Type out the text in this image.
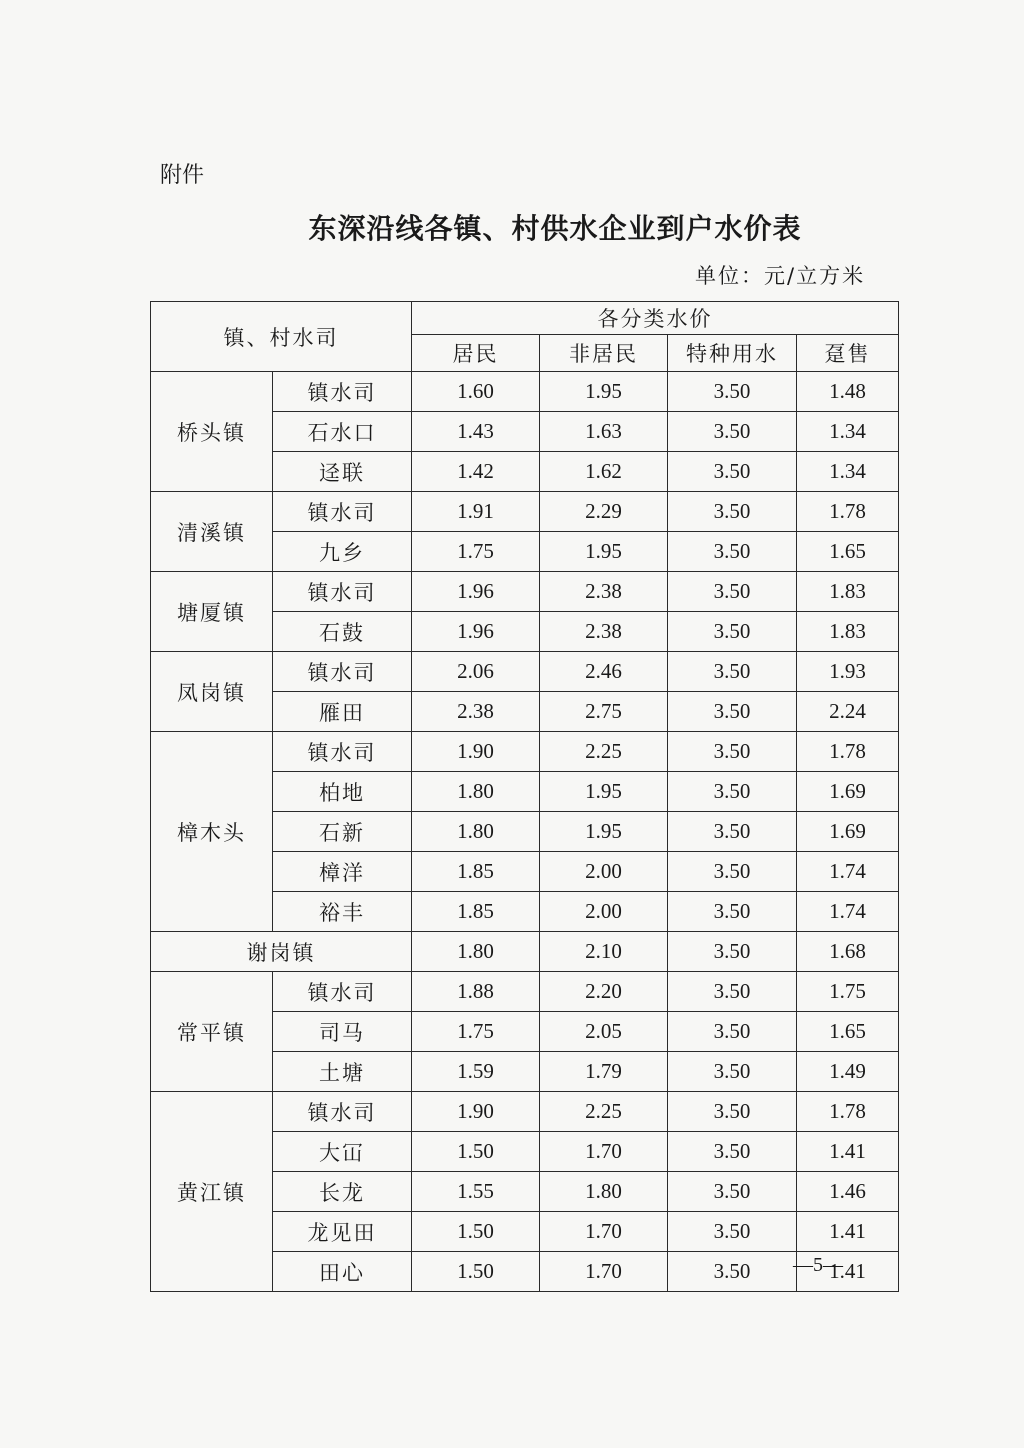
附件
东深沿线各镇、村供水企业到户水价表
单位：元/立方米
镇、村水司		各分类水价			
		居民	非居民	特种用水	趸售
桥头镇	镇水司	1.60	1.95	3.50	1.48
	石水口	1.43	1.63	3.50	1.34
	迳联	1.42	1.62	3.50	1.34
清溪镇	镇水司	1.91	2.29	3.50	1.78
	九乡	1.75	1.95	3.50	1.65
塘厦镇	镇水司	1.96	2.38	3.50	1.83
	石鼓	1.96	2.38	3.50	1.83
凤岗镇	镇水司	2.06	2.46	3.50	1.93
	雁田	2.38	2.75	3.50	2.24
樟木头	镇水司	1.90	2.25	3.50	1.78
	柏地	1.80	1.95	3.50	1.69
	石新	1.80	1.95	3.50	1.69
	樟洋	1.85	2.00	3.50	1.74
	裕丰	1.85	2.00	3.50	1.74
谢岗镇		1.80	2.10	3.50	1.68
常平镇	镇水司	1.88	2.20	3.50	1.75
	司马	1.75	2.05	3.50	1.65
	土塘	1.59	1.79	3.50	1.49
黄江镇	镇水司	1.90	2.25	3.50	1.78
	大冚	1.50	1.70	3.50	1.41
	长龙	1.55	1.80	3.50	1.46
	龙见田	1.50	1.70	3.50	1.41
	田心	1.50	1.70	3.50	1.41
—5—
